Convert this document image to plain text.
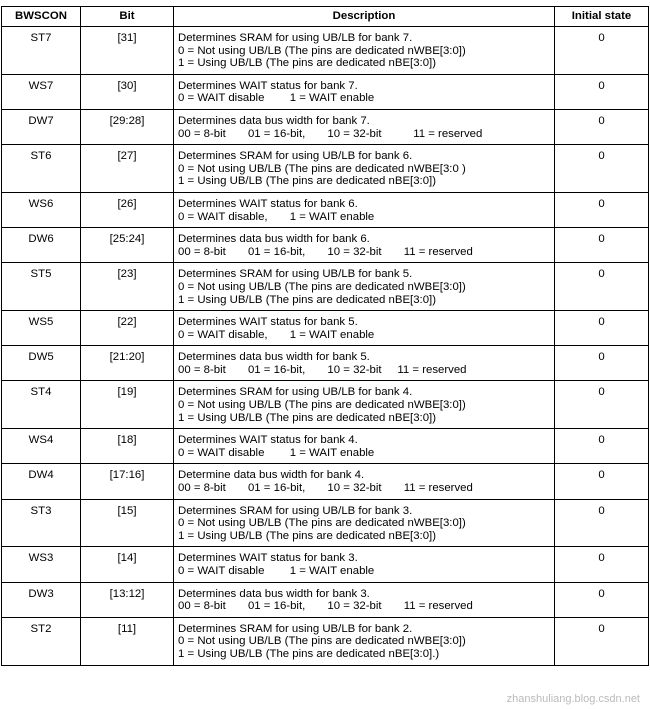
BWSCON	Bit	Description	Initial state
ST7	[31]	Determines SRAM for using UB/LB for bank 7.
0 = Not using UB/LB (The pins are dedicated nWBE[3:0])
1 = Using UB/LB (The pins are dedicated nBE[3:0])	0
WS7	[30]	Determines WAIT status for bank 7.
0 = WAIT disable        1 = WAIT enable	0
DW7	[29:28]	Determines data bus width for bank 7.
00 = 8-bit       01 = 16-bit,       10 = 32-bit          11 = reserved	0
ST6	[27]	Determines SRAM for using UB/LB for bank 6.
0 = Not using UB/LB (The pins are dedicated nWBE[3:0 )
1 = Using UB/LB (The pins are dedicated nBE[3:0])	0
WS6	[26]	Determines WAIT status for bank 6.
0 = WAIT disable,       1 = WAIT enable	0
DW6	[25:24]	Determines data bus width for bank 6.
00 = 8-bit       01 = 16-bit,       10 = 32-bit       11 = reserved	0
ST5	[23]	Determines SRAM for using UB/LB for bank 5.
0 = Not using UB/LB (The pins are dedicated nWBE[3:0])
1 = Using UB/LB (The pins are dedicated nBE[3:0])	0
WS5	[22]	Determines WAIT status for bank 5.
0 = WAIT disable,       1 = WAIT enable	0
DW5	[21:20]	Determines data bus width for bank 5.
00 = 8-bit       01 = 16-bit,       10 = 32-bit     11 = reserved	0
ST4	[19]	Determines SRAM for using UB/LB for bank 4.
0 = Not using UB/LB (The pins are dedicated nWBE[3:0])
1 = Using UB/LB (The pins are dedicated nBE[3:0])	0
WS4	[18]	Determines WAIT status for bank 4.
0 = WAIT disable        1 = WAIT enable	0
DW4	[17:16]	Determine data bus width for bank 4.
00 = 8-bit       01 = 16-bit,       10 = 32-bit       11 = reserved	0
ST3	[15]	Determines SRAM for using UB/LB for bank 3.
0 = Not using UB/LB (The pins are dedicated nWBE[3:0])
1 = Using UB/LB (The pins are dedicated nBE[3:0])	0
WS3	[14]	Determines WAIT status for bank 3.
0 = WAIT disable        1 = WAIT enable	0
DW3	[13:12]	Determines data bus width for bank 3.
00 = 8-bit       01 = 16-bit,       10 = 32-bit       11 = reserved	0
ST2	[11]	Determines SRAM for using UB/LB for bank 2.
0 = Not using UB/LB (The pins are dedicated nWBE[3:0])
1 = Using UB/LB (The pins are dedicated nBE[3:0].)	0
zhanshuliang.blog.csdn.net
